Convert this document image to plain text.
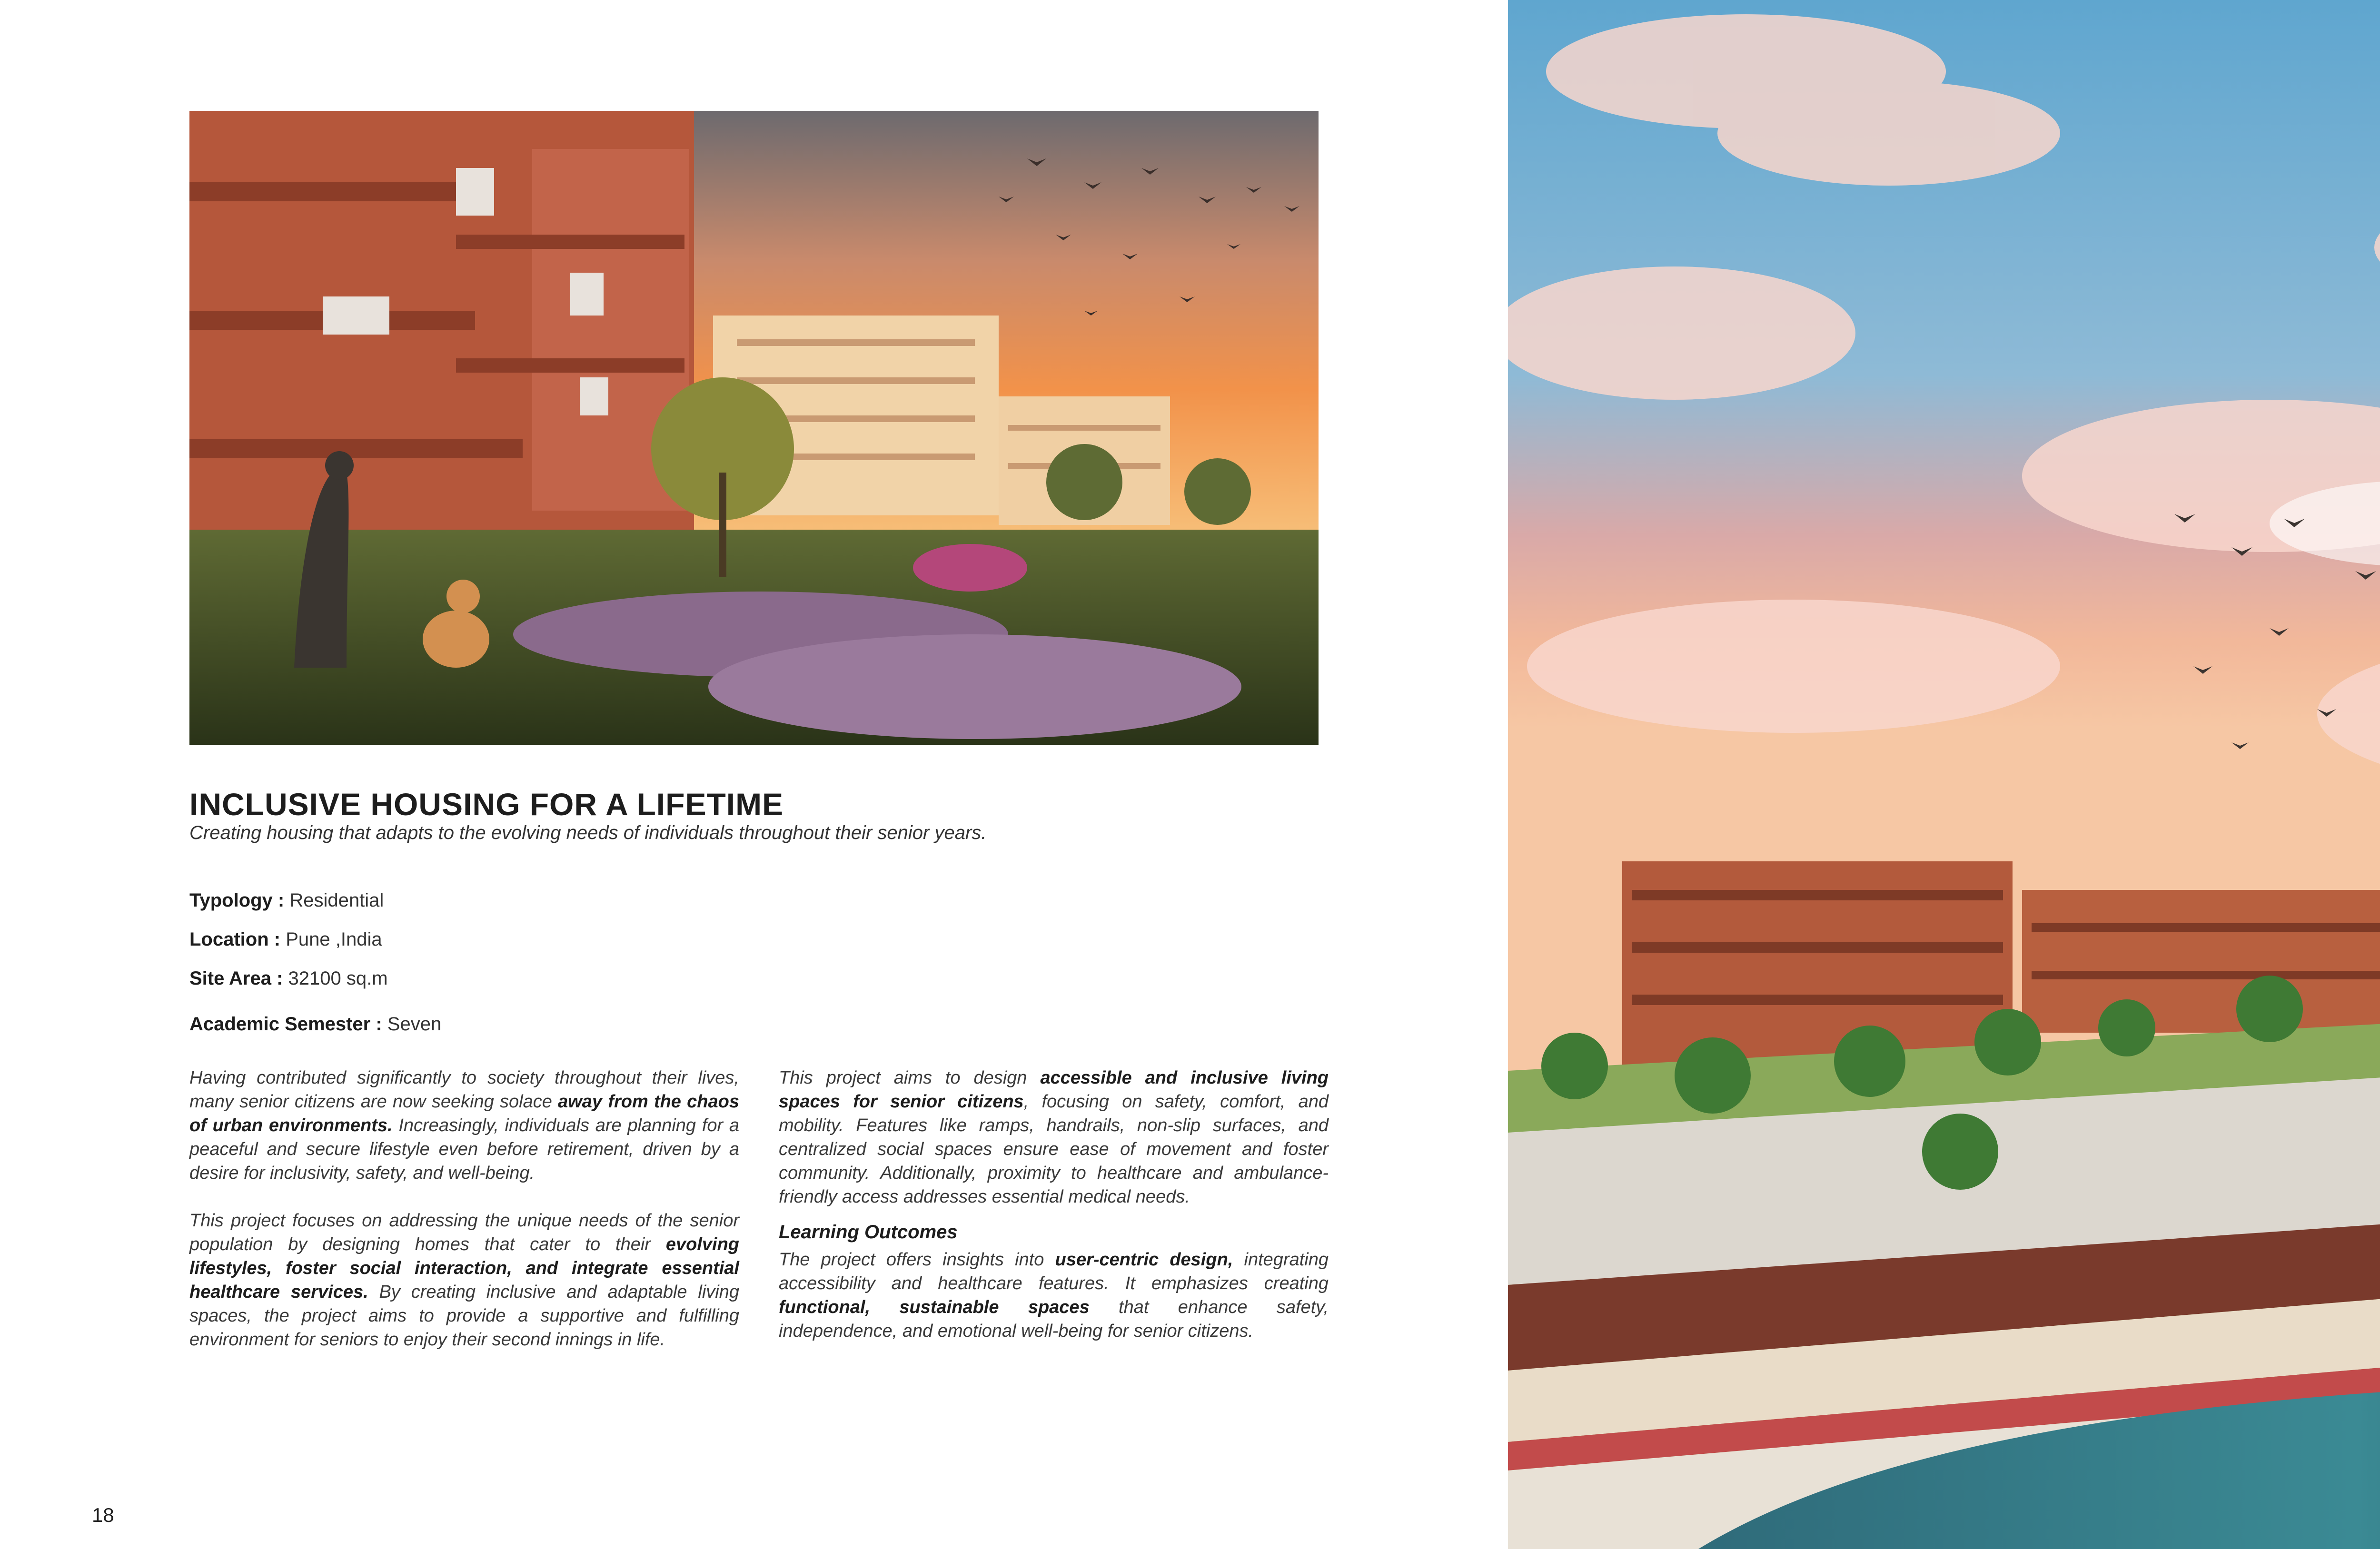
INCLUSIVE HOUSING FOR A LIFETIME
Creating housing that adapts to the evolving needs of individuals throughout their senior years.
Typology : Residential
Location : Pune ,India
Site Area : 32100 sq.m
Academic Semester : Seven

Having contributed significantly to society throughout their lives, many senior citizens are now seeking solace away from the chaos of urban environments. Increasingly, individuals are planning for a peaceful and secure lifestyle even before retirement, driven by a desire for inclusivity, safety, and well-being.

This project focuses on addressing the unique needs of the senior population by designing homes that cater to their evolving lifestyles, foster social interaction, and integrate essential healthcare services. By creating inclusive and adaptable living spaces, the project aims to provide a supportive and fulfilling environment for seniors to enjoy their second innings in life.

This project aims to design accessible and inclusive living spaces for senior citizens, focusing on safety, comfort, and mobility. Features like ramps, handrails, non-slip surfaces, and centralized social spaces ensure ease of movement and foster community. Additionally, proximity to healthcare and ambulance-friendly access addresses essential medical needs.

Learning Outcomes

The project offers insights into user-centric design, integrating accessibility and healthcare features. It emphasizes creating functional, sustainable spaces that enhance safety, independence, and emotional well-being for senior citizens.

18
